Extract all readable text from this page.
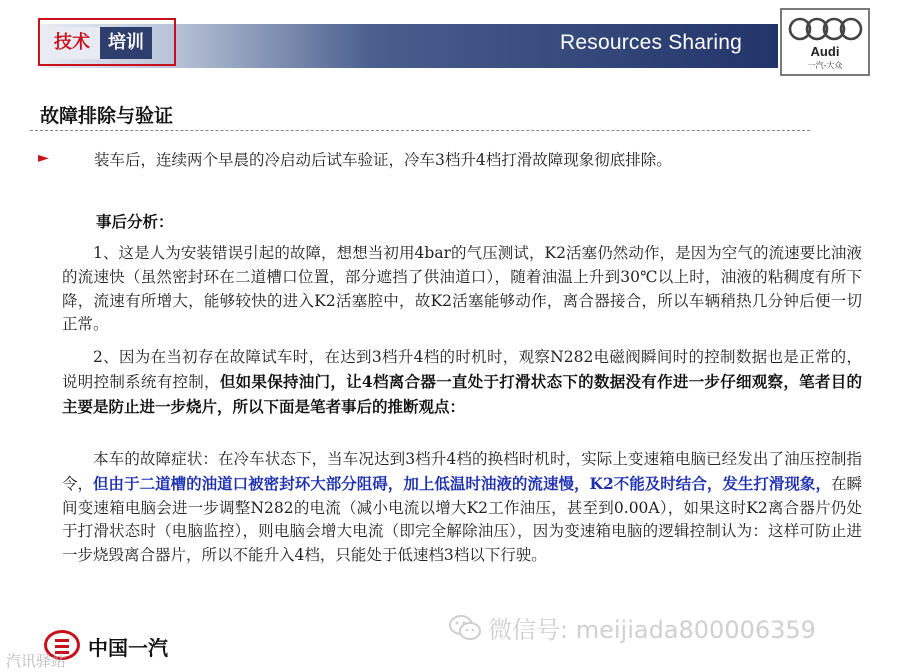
技术	培训	Resources Sharing	Audi
一汽-大众
故障排除与验证
►	装车后，连续两个早晨的冷启动后试车验证，冷车3档升4档打滑故障现象彻底排除。
事后分析：
1、这是人为安装错误引起的故障，想想当初用4bar的气压测试，K2活塞仍然动作，是因为空气的流速要比油液的流速快（虽然密封环在二道槽口位置，部分遮挡了供油道口），随着油温上升到30℃以上时，油液的粘稠度有所下降，流速有所增大，能够较快的进入K2活塞腔中，故K2活塞能够动作，离合器接合，所以车辆稍热几分钟后便一切正常。
2、因为在当初存在故障试车时，在达到3档升4档的时机时，观察N282电磁阀瞬间时的控制数据也是正常的，说明控制系统有控制，但如果保持油门，让4档离合器一直处于打滑状态下的数据没有作进一步仔细观察，笔者目的主要是防止进一步烧片，所以下面是笔者事后的推断观点：
本车的故障症状：在冷车状态下，当车况达到3档升4档的换档时机时，实际上变速箱电脑已经发出了油压控制指令，但由于二道槽的油道口被密封环大部分阻碍，加上低温时油液的流速慢，K2不能及时结合，发生打滑现象，在瞬间变速箱电脑会进一步调整N282的电流（减小电流以增大K2工作油压，甚至到0.00A），如果这时K2离合器片仍处于打滑状态时（电脑监控），则电脑会增大电流（即完全解除油压），因为变速箱电脑的逻辑控制认为：这样可防止进一步烧毁离合器片，所以不能升入4档，只能处于低速档3档以下行驶。
中国一汽
汽讯驿站
微信号: meijiada800006359
